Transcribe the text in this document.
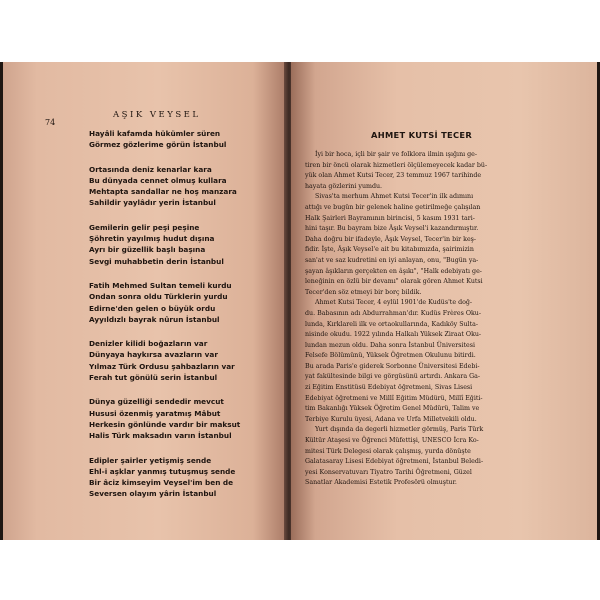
74
AŞIK VEYSEL
Hayâli kafamda hükümler süren
Görmez gözlerime görün İstanbul
Ortasında deniz kenarlar kara
Bu dünyada cennet olmuş kullara
Mehtapta sandallar ne hoş manzara
Sahildir yaylâdır yerin İstanbul
Gemilerin gelir peşi peşine
Şöhretin yayılmış hudut dışına
Ayrı bir güzellik başlı başına
Sevgi muhabbetin derin İstanbul
Fatih Mehmed Sultan temeli kurdu
Ondan sonra oldu Türklerin yurdu
Edirne'den gelen o büyük ordu
Ayyıldızlı bayrak nûrun İstanbul
Denizler kilidi boğazların var
Dünyaya haykırsa avazların var
Yılmaz Türk Ordusu şahbazların var
Ferah tut gönülü serin İstanbul
Dünya güzelliği sendedir mevcut
Hususi özenmiş yaratmış Mâbut
Herkesin gönlünde vardır bir maksut
Halis Türk maksadın varın İstanbul
Edipler şairler yetişmiş sende
Ehl-i aşklar yanmış tutuşmuş sende
Bir âciz kimseyim Veysel'im ben de
Seversen olayım yârin İstanbul
AHMET KUTSİ TECER
İyi bir hoca, içli bir şair ve folklora ilmin ışığını ge-
tiren bir öncü olarak hizmetleri ölçülemeyecek kadar bü-
yük olan Ahmet Kutsi Tecer, 23 temmuz 1967 tarihinde
hayata gözlerini yumdu.
Sivas'ta merhum Ahmet Kutsi Tecer'in ilk adımını
attığı ve bugün bir gelenek haline getirilmeğe çalışılan
Halk Şairleri Bayramının birincisi, 5 kasım 1931 tari-
hini taşır. Bu bayram bize Âşık Veysel'i kazandırmıştır.
Daha doğru bir ifadeyle, Âşık Veysel, Tecer'in bir keş-
fidir. İşte, Âşık Veysel'e ait bu kitabımızda, şairimizin
san'at ve saz kudretini en iyi anlayan, onu, "Bugün ya-
şayan âşıkların gerçekten en âşıkı", "Halk edebiyatı ge-
leneğinin en özlü bir devamı" olarak gören Ahmet Kutsi
Tecer'den söz etmeyi bir borç bildik.
Ahmet Kutsi Tecer, 4 eylül 1901'de Kudüs'te doğ-
du. Babasının adı Abdurrahman'dır. Kudüs Frères Oku-
lunda, Kırklareli ilk ve ortaokullarında, Kadıköy Sulta-
nisinde okudu. 1922 yılında Halkalı Yüksek Ziraat Oku-
lundan mezun oldu. Daha sonra İstanbul Üniversitesi
Felsefe Bölümünü, Yüksek Öğretmen Okulunu bitirdi.
Bu arada Paris'e giderek Sorbonne Üniversitesi Edebi-
yat fakültesinde bilgi ve görgüsünü artırdı. Ankara Ga-
zi Eğitim Enstitüsü Edebiyat öğretmeni, Sivas Lisesi
Edebiyat öğretmeni ve Millî Eğitim Müdürü, Millî Eğiti-
tim Bakanlığı Yüksek Öğretim Genel Müdürü, Talim ve
Terbiye Kurulu üyesi, Adana ve Urfa Milletvekili oldu.
Yurt dışında da degerli hizmetler görmüş, Paris Türk
Kültür Ataşesi ve Öğrenci Müfettişi, UNESCO İcra Ko-
mitesi Türk Delegesi olarak çalışmış, yurda dönüşte
Galatasaray Lisesi Edebiyat öğretmeni, İstanbul Beledi-
yesi Konservatuvarı Tiyatro Tarihi Öğretmeni, Güzel
Sanatlar Akademisi Estetik Profesörü olmuştur.
